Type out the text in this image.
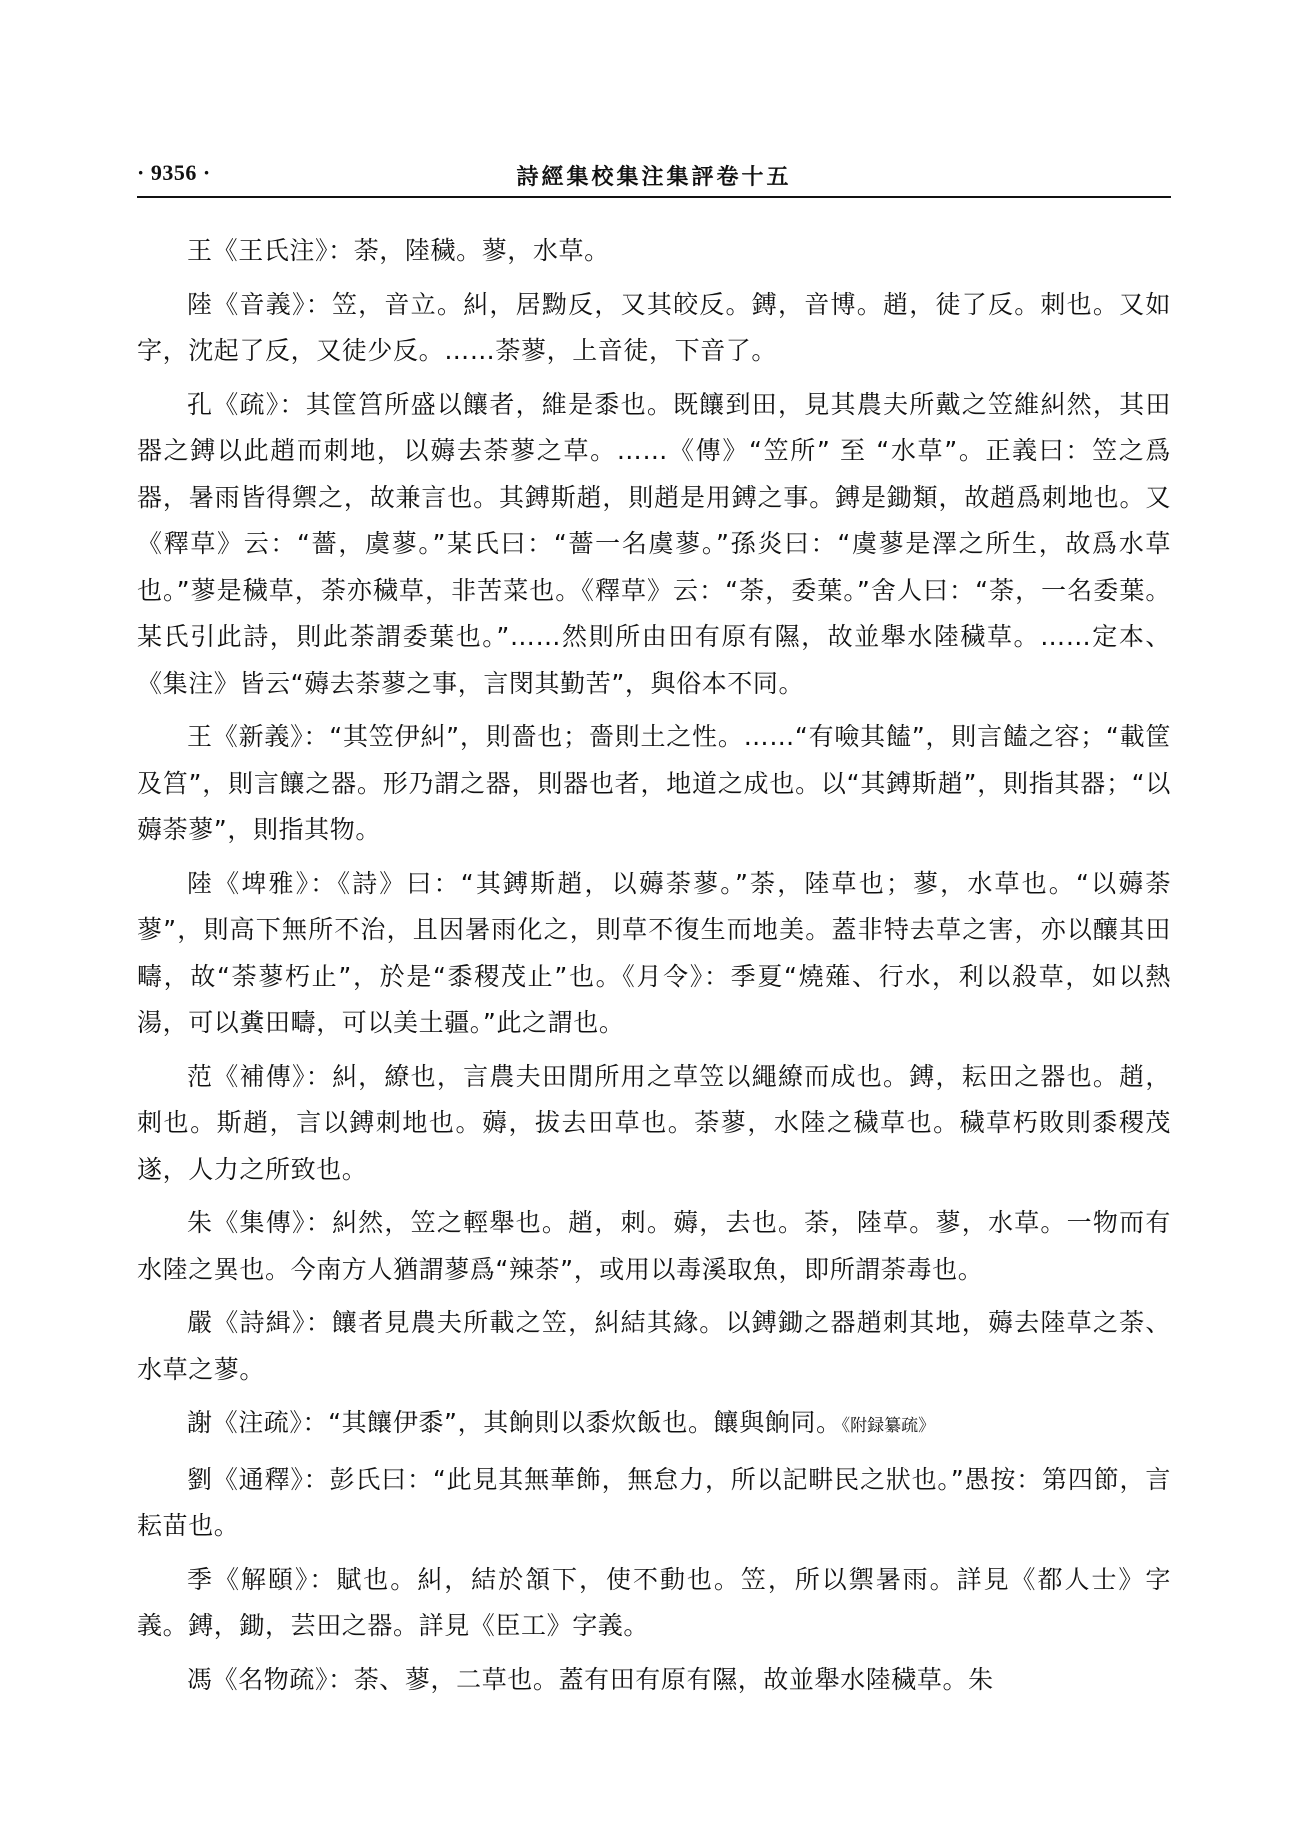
· 9356 ·	詩經集校集注集評卷十五

王《王氏注》：荼，陸穢。蓼，水草。

陸《音義》：笠，音立。糾，居黝反，又其皎反。鎛，音博。趙，徒了反。刺也。又如字，沈起了反，又徒少反。……荼蓼，上音徒，下音了。

孔《疏》：其筐筥所盛以饟者，維是黍也。既饟到田，見其農夫所戴之笠維糾然，其田器之鎛以此趙而刺地，以薅去荼蓼之草。……《傳》“笠所” 至 “水草”。正義曰：笠之爲器，暑雨皆得禦之，故兼言也。其鎛斯趙，則趙是用鎛之事。鎛是鋤類，故趙爲刺地也。又《釋草》云：“薔，虞蓼。”某氏曰：“薔一名虞蓼。”孫炎曰：“虞蓼是澤之所生，故爲水草也。”蓼是穢草，荼亦穢草，非苦菜也。《釋草》云：“荼，委葉。”舍人曰：“荼，一名委葉。某氏引此詩，則此荼謂委葉也。”……然則所由田有原有隰，故並舉水陸穢草。……定本、《集注》皆云“薅去荼蓼之事，言閔其勤苦”，與俗本不同。

王《新義》：“其笠伊糾”，則嗇也；嗇則土之性。……“有噞其饁”，則言饁之容；“載筐及筥”，則言饟之器。形乃謂之器，則器也者，地道之成也。以“其鎛斯趙”，則指其器；“以薅荼蓼”，則指其物。

陸《埤雅》：《詩》曰：“其鎛斯趙，以薅荼蓼。”荼，陸草也；蓼，水草也。“以薅荼蓼”，則高下無所不治，且因暑雨化之，則草不復生而地美。蓋非特去草之害，亦以釀其田疇，故“荼蓼朽止”，於是“黍稷茂止”也。《月令》：季夏“燒薙、行水，利以殺草，如以熱湯，可以糞田疇，可以美土疆。”此之謂也。

范《補傳》：糾，繚也，言農夫田閒所用之草笠以繩繚而成也。鎛，耘田之器也。趙，刺也。斯趙，言以鎛刺地也。薅，拔去田草也。荼蓼，水陸之穢草也。穢草朽敗則黍稷茂遂，人力之所致也。

朱《集傳》：糾然，笠之輕舉也。趙，刺。薅，去也。荼，陸草。蓼，水草。一物而有水陸之異也。今南方人猶謂蓼爲“辣荼”，或用以毒溪取魚，即所謂荼毒也。

嚴《詩緝》：饟者見農夫所載之笠，糾結其緣。以鎛鋤之器趙刺其地，薅去陸草之荼、水草之蓼。

謝《注疏》：“其饟伊黍”，其餉則以黍炊飯也。饟與餉同。《附録纂疏》

劉《通釋》：彭氏曰：“此見其無華飾，無怠力，所以記畊民之狀也。”愚按：第四節，言耘苗也。

季《解頤》：賦也。糾，結於頷下，使不動也。笠，所以禦暑雨。詳見《都人士》字義。鎛，鋤，芸田之器。詳見《臣工》字義。

馮《名物疏》：荼、蓼，二草也。蓋有田有原有隰，故並舉水陸穢草。朱
